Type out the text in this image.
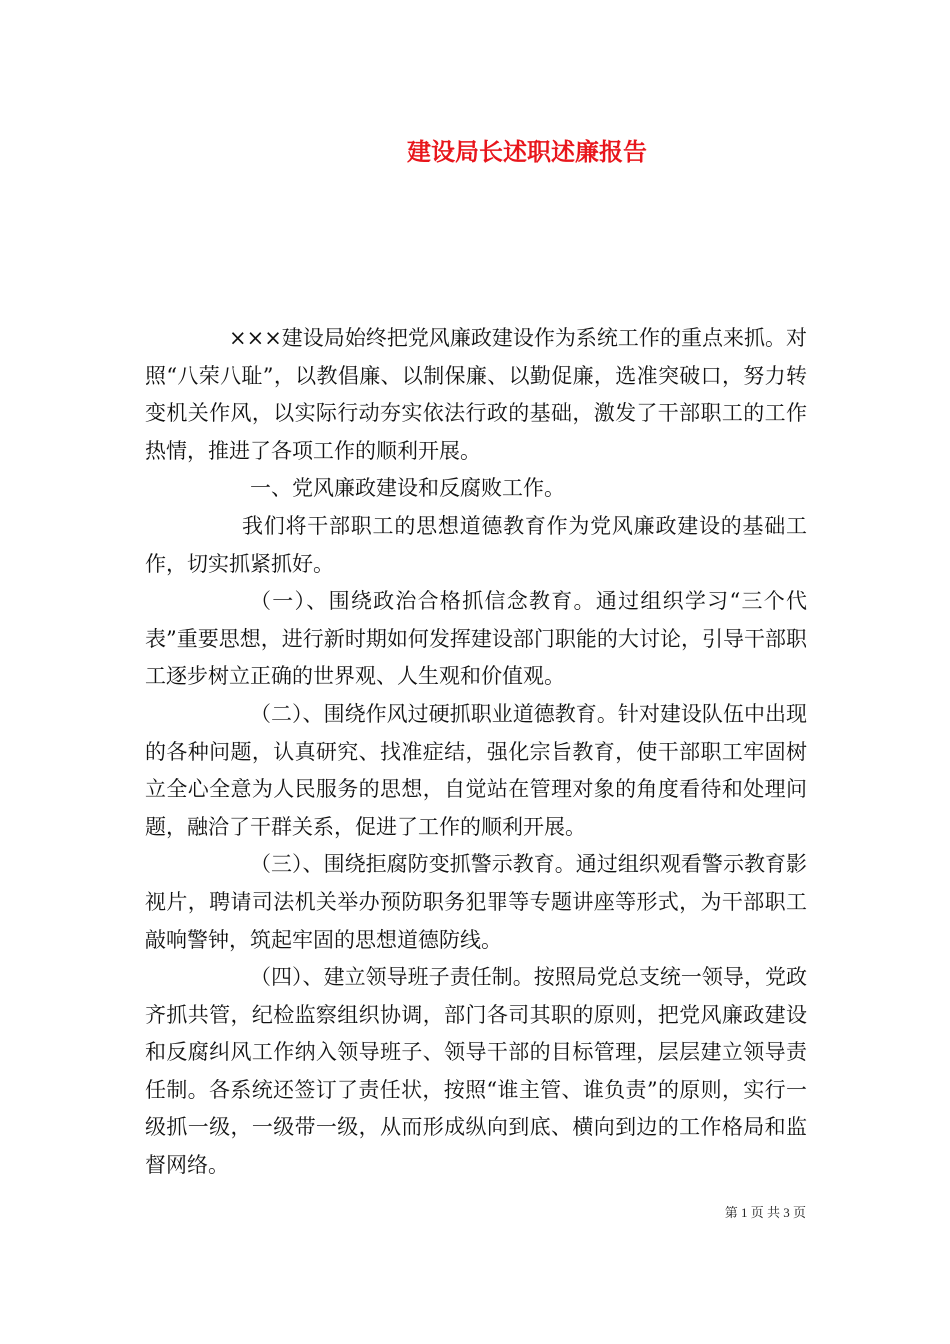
建设局长述职述廉报告

×××建设局始终把党风廉政建设作为系统工作的重点来抓。对照“八荣八耻”，以教倡廉、以制保廉、以勤促廉，选准突破口，努力转变机关作风，以实际行动夯实依法行政的基础，激发了干部职工的工作热情，推进了各项工作的顺利开展。

一、党风廉政建设和反腐败工作。

我们将干部职工的思想道德教育作为党风廉政建设的基础工作，切实抓紧抓好。

（一）、围绕政治合格抓信念教育。通过组织学习“三个代表”重要思想，进行新时期如何发挥建设部门职能的大讨论，引导干部职工逐步树立正确的世界观、人生观和价值观。

（二）、围绕作风过硬抓职业道德教育。针对建设队伍中出现的各种问题，认真研究、找准症结，强化宗旨教育，使干部职工牢固树立全心全意为人民服务的思想，自觉站在管理对象的角度看待和处理问题，融洽了干群关系，促进了工作的顺利开展。

（三）、围绕拒腐防变抓警示教育。通过组织观看警示教育影视片，聘请司法机关举办预防职务犯罪等专题讲座等形式，为干部职工敲响警钟，筑起牢固的思想道德防线。

（四）、建立领导班子责任制。按照局党总支统一领导，党政齐抓共管，纪检监察组织协调，部门各司其职的原则，把党风廉政建设和反腐纠风工作纳入领导班子、领导干部的目标管理，层层建立领导责任制。各系统还签订了责任状，按照“谁主管、谁负责”的原则，实行一级抓一级，一级带一级，从而形成纵向到底、横向到边的工作格局和监督网络。

第 1 页 共 3 页
